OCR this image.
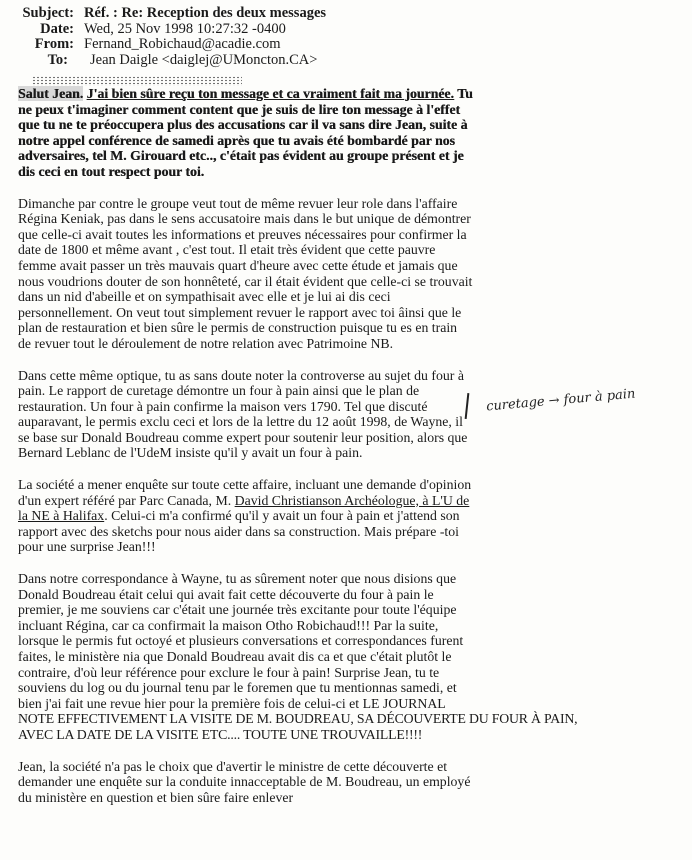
Subject: Réf. : Re: Reception des deux messages
Date: Wed, 25 Nov 1998 10:27:32 -0400
From: Fernand_Robichaud@acadie.com
To: Jean Daigle <daiglej@UMoncton.CA>

Salut Jean. J'ai bien sûre reçu ton message et ca vraiment fait ma journée. Tu ne peux t'imaginer comment content que je suis de lire ton message à l'effet que tu ne te préoccupera plus des accusations car il va sans dire Jean, suite à notre appel conférence de samedi après que tu avais été bombardé par nos adversaires, tel M. Girouard etc.., c'était pas évident au groupe présent et je dis ceci en tout respect pour toi.

Dimanche par contre le groupe veut tout de même revuer leur role dans l'affaire Régina Keniak, pas dans le sens accusatoire mais dans le but unique de démontrer que celle-ci avait toutes les informations et preuves nécessaires pour confirmer la date de 1800 et même avant , c'est tout. Il etait très évident que cette pauvre femme avait passer un très mauvais quart d'heure avec cette étude et jamais que nous voudrions douter de son honnêteté, car il était évident que celle-ci se trouvait dans un nid d'abeille et on sympathisait avec elle et je lui ai dis ceci personnellement. On veut tout simplement revuer le rapport avec toi âinsi que le plan de restauration et bien sûre le permis de construction puisque tu es en train de revuer tout le déroulement de notre relation avec Patrimoine NB.

Dans cette même optique, tu as sans doute noter la controverse au sujet du four à pain. Le rapport de curetage démontre un four à pain ainsi que le plan de restauration. Un four à pain confirme la maison vers 1790. Tel que discuté auparavant, le permis exclu ceci et lors de la lettre du 12 août 1998, de Wayne, il se base sur Donald Boudreau comme expert pour soutenir leur position, alors que Bernard Leblanc de l'UdeM insiste qu'il y avait un four à pain.

La société a mener enquête sur toute cette affaire, incluant une demande d'opinion d'un expert référé par Parc Canada, M. David Christianson Archéologue, à L'U de la NE à Halifax. Celui-ci m'a confirmé qu'il y avait un four à pain et j'attend son rapport avec des sketchs pour nous aider dans sa construction. Mais prépare -toi pour une surprise Jean!!!

Dans notre correspondance à Wayne, tu as sûrement noter que nous disions que Donald Boudreau était celui qui avait fait cette découverte du four à pain le premier, je me souviens car c'était une journée très excitante pour toute l'équipe incluant Régina, car ca confirmait la maison Otho Robichaud!!! Par la suite, lorsque le permis fut octoyé et plusieurs conversations et correspondances furent faites, le ministère nia que Donald Boudreau avait dis ca et que c'était plutôt le contraire, d'où leur référence pour exclure le four à pain! Surprise Jean, tu te souviens du log ou du journal tenu par le foremen que tu mentionnas samedi, et bien j'ai fait une revue hier pour la première fois de celui-ci et LE JOURNAL
NOTE EFFECTIVEMENT LA VISITE DE M. BOUDREAU, SA DÉCOUVERTE DU FOUR À PAIN,
AVEC LA DATE DE LA VISITE ETC.... TOUTE UNE TROUVAILLE!!!!

Jean, la société n'a pas le choix que d'avertir le ministre de cette découverte et demander une enquête sur la conduite innacceptable de M. Boudreau, un employé du ministère en question et bien sûre faire enlever

curetage → four à pain
